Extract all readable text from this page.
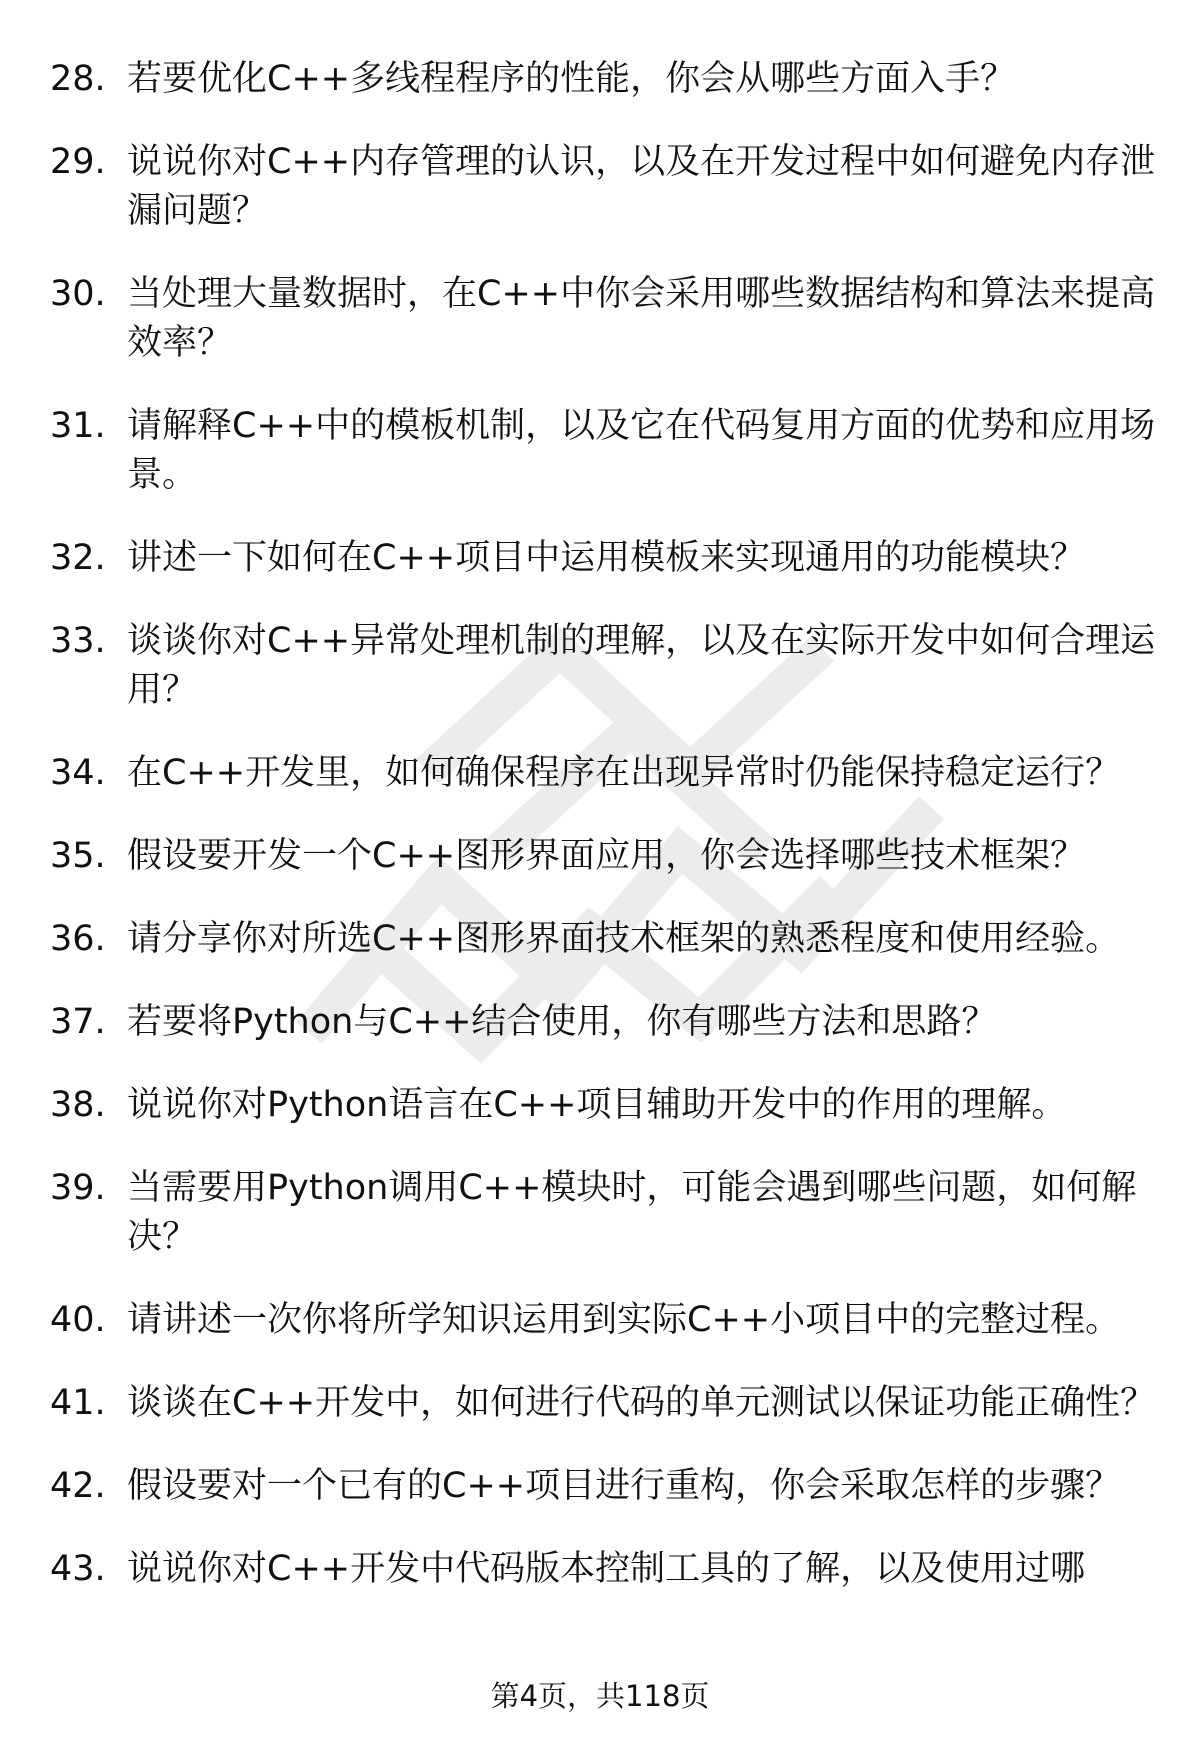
28. 若要优化C++多线程程序的性能，你会从哪些方面入手？
29. 说说你对C++内存管理的认识，以及在开发过程中如何避免内存泄漏问题？
30. 当处理大量数据时，在C++中你会采用哪些数据结构和算法来提高效率？
31. 请解释C++中的模板机制，以及它在代码复用方面的优势和应用场景。
32. 讲述一下如何在C++项目中运用模板来实现通用的功能模块？
33. 谈谈你对C++异常处理机制的理解，以及在实际开发中如何合理运用？
34. 在C++开发里，如何确保程序在出现异常时仍能保持稳定运行？
35. 假设要开发一个C++图形界面应用，你会选择哪些技术框架？
36. 请分享你对所选C++图形界面技术框架的熟悉程度和使用经验。
37. 若要将Python与C++结合使用，你有哪些方法和思路？
38. 说说你对Python语言在C++项目辅助开发中的作用的理解。
39. 当需要用Python调用C++模块时，可能会遇到哪些问题，如何解决？
40. 请讲述一次你将所学知识运用到实际C++小项目中的完整过程。
41. 谈谈在C++开发中，如何进行代码的单元测试以保证功能正确性？
42. 假设要对一个已有的C++项目进行重构，你会采取怎样的步骤？
43. 说说你对C++开发中代码版本控制工具的了解，以及使用过哪
第4页，共118页
